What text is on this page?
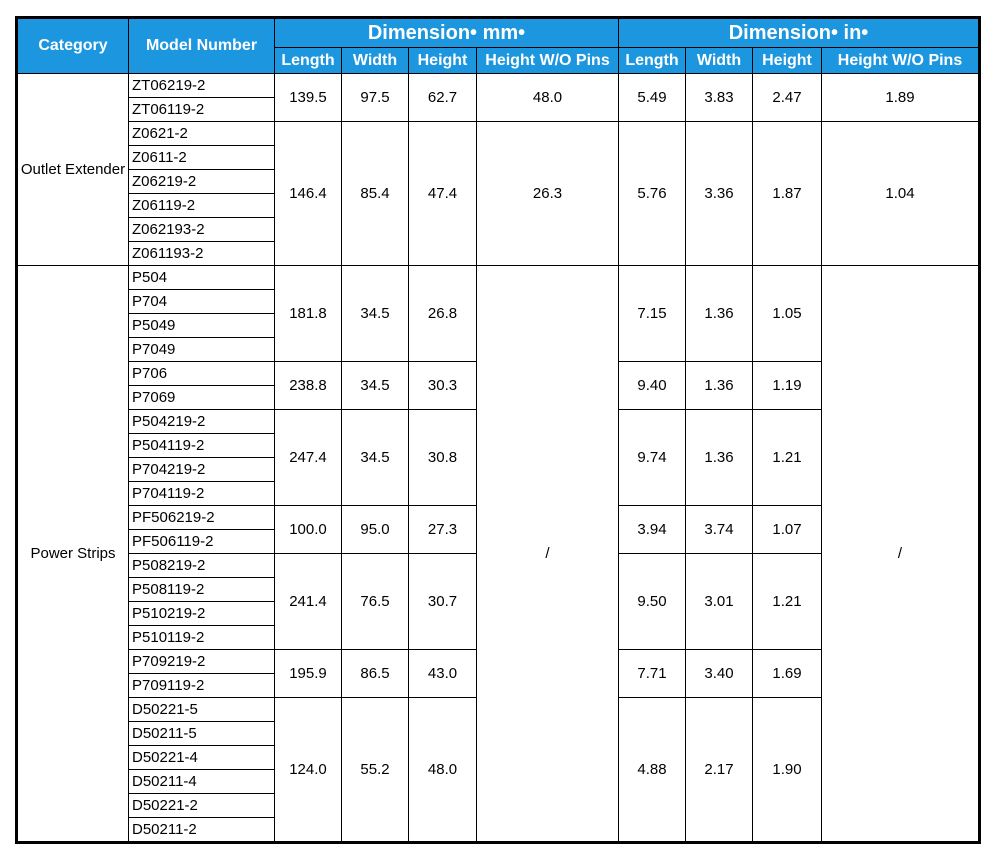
Category	Model Number	Dimension• mm•				Dimension• in•			
		Length	Width	Height	Height W/O Pins	Length	Width	Height	Height W/O Pins
Outlet Extender	ZT06219-2	139.5	97.5	62.7	48.0	5.49	3.83	2.47	1.89
	ZT06119-2								
	Z0621-2	146.4	85.4	47.4	26.3	5.76	3.36	1.87	1.04
	Z0611-2								
	Z06219-2								
	Z06119-2								
	Z062193-2								
	Z061193-2								
Power Strips	P504	181.8	34.5	26.8	/	7.15	1.36	1.05	/
	P704								
	P5049								
	P7049								
	P706	238.8	34.5	30.3		9.40	1.36	1.19	
	P7069								
	P504219-2	247.4	34.5	30.8		9.74	1.36	1.21	
	P504119-2								
	P704219-2								
	P704119-2								
	PF506219-2	100.0	95.0	27.3		3.94	3.74	1.07	
	PF506119-2								
	P508219-2	241.4	76.5	30.7		9.50	3.01	1.21	
	P508119-2								
	P510219-2								
	P510119-2								
	P709219-2	195.9	86.5	43.0		7.71	3.40	1.69	
	P709119-2								
	D50221-5	124.0	55.2	48.0		4.88	2.17	1.90	
	D50211-5								
	D50221-4								
	D50211-4								
	D50221-2								
	D50211-2								
